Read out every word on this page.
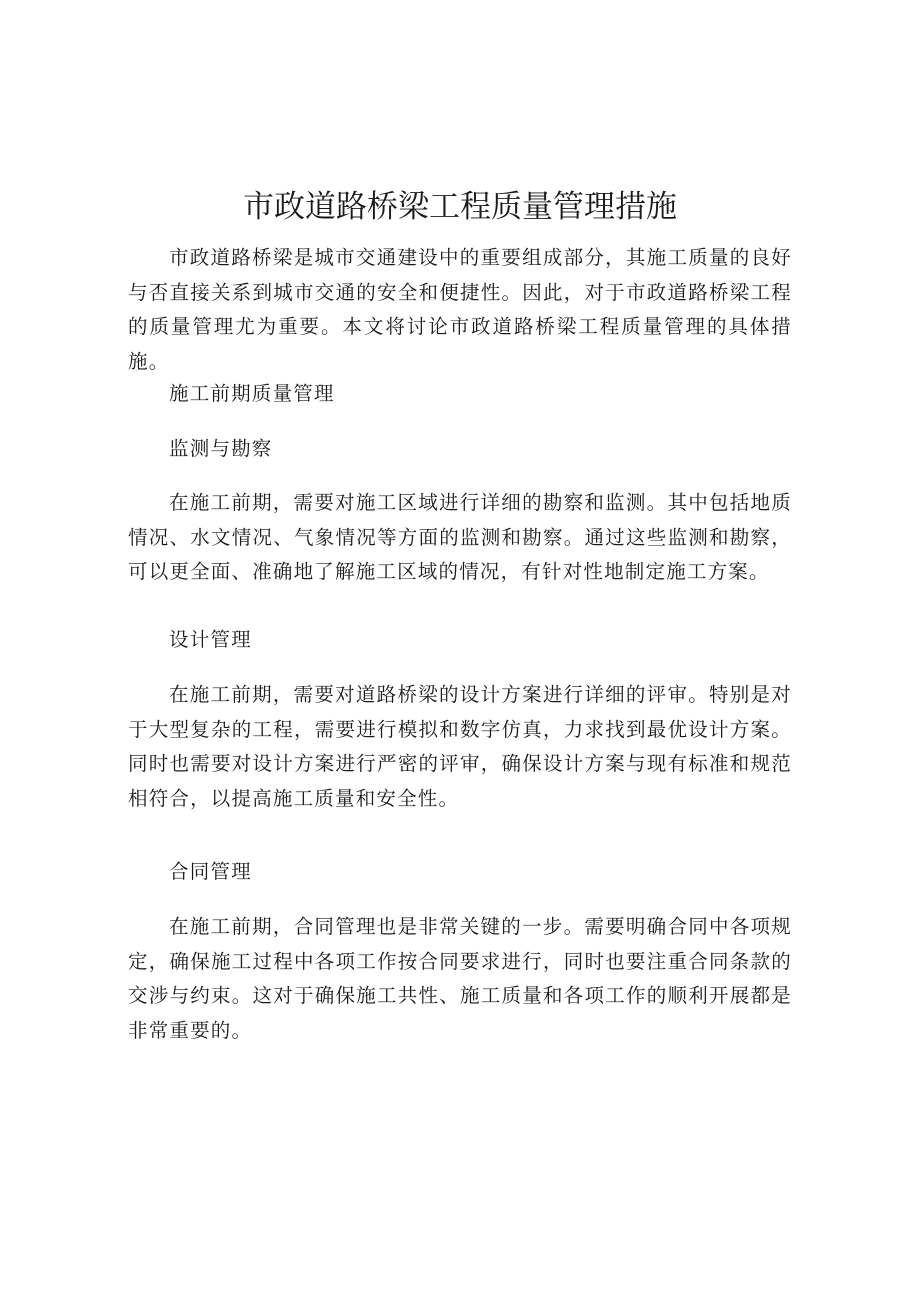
市政道路桥梁工程质量管理措施

市政道路桥梁是城市交通建设中的重要组成部分，其施工质量的良好与否直接关系到城市交通的安全和便捷性。因此，对于市政道路桥梁工程的质量管理尤为重要。本文将讨论市政道路桥梁工程质量管理的具体措施。

施工前期质量管理

监测与勘察

在施工前期，需要对施工区域进行详细的勘察和监测。其中包括地质情况、水文情况、气象情况等方面的监测和勘察。通过这些监测和勘察，可以更全面、准确地了解施工区域的情况，有针对性地制定施工方案。

设计管理

在施工前期，需要对道路桥梁的设计方案进行详细的评审。特别是对于大型复杂的工程，需要进行模拟和数字仿真，力求找到最优设计方案。同时也需要对设计方案进行严密的评审，确保设计方案与现有标准和规范相符合，以提高施工质量和安全性。

合同管理

在施工前期，合同管理也是非常关键的一步。需要明确合同中各项规定，确保施工过程中各项工作按合同要求进行，同时也要注重合同条款的交涉与约束。这对于确保施工共性、施工质量和各项工作的顺利开展都是非常重要的。
